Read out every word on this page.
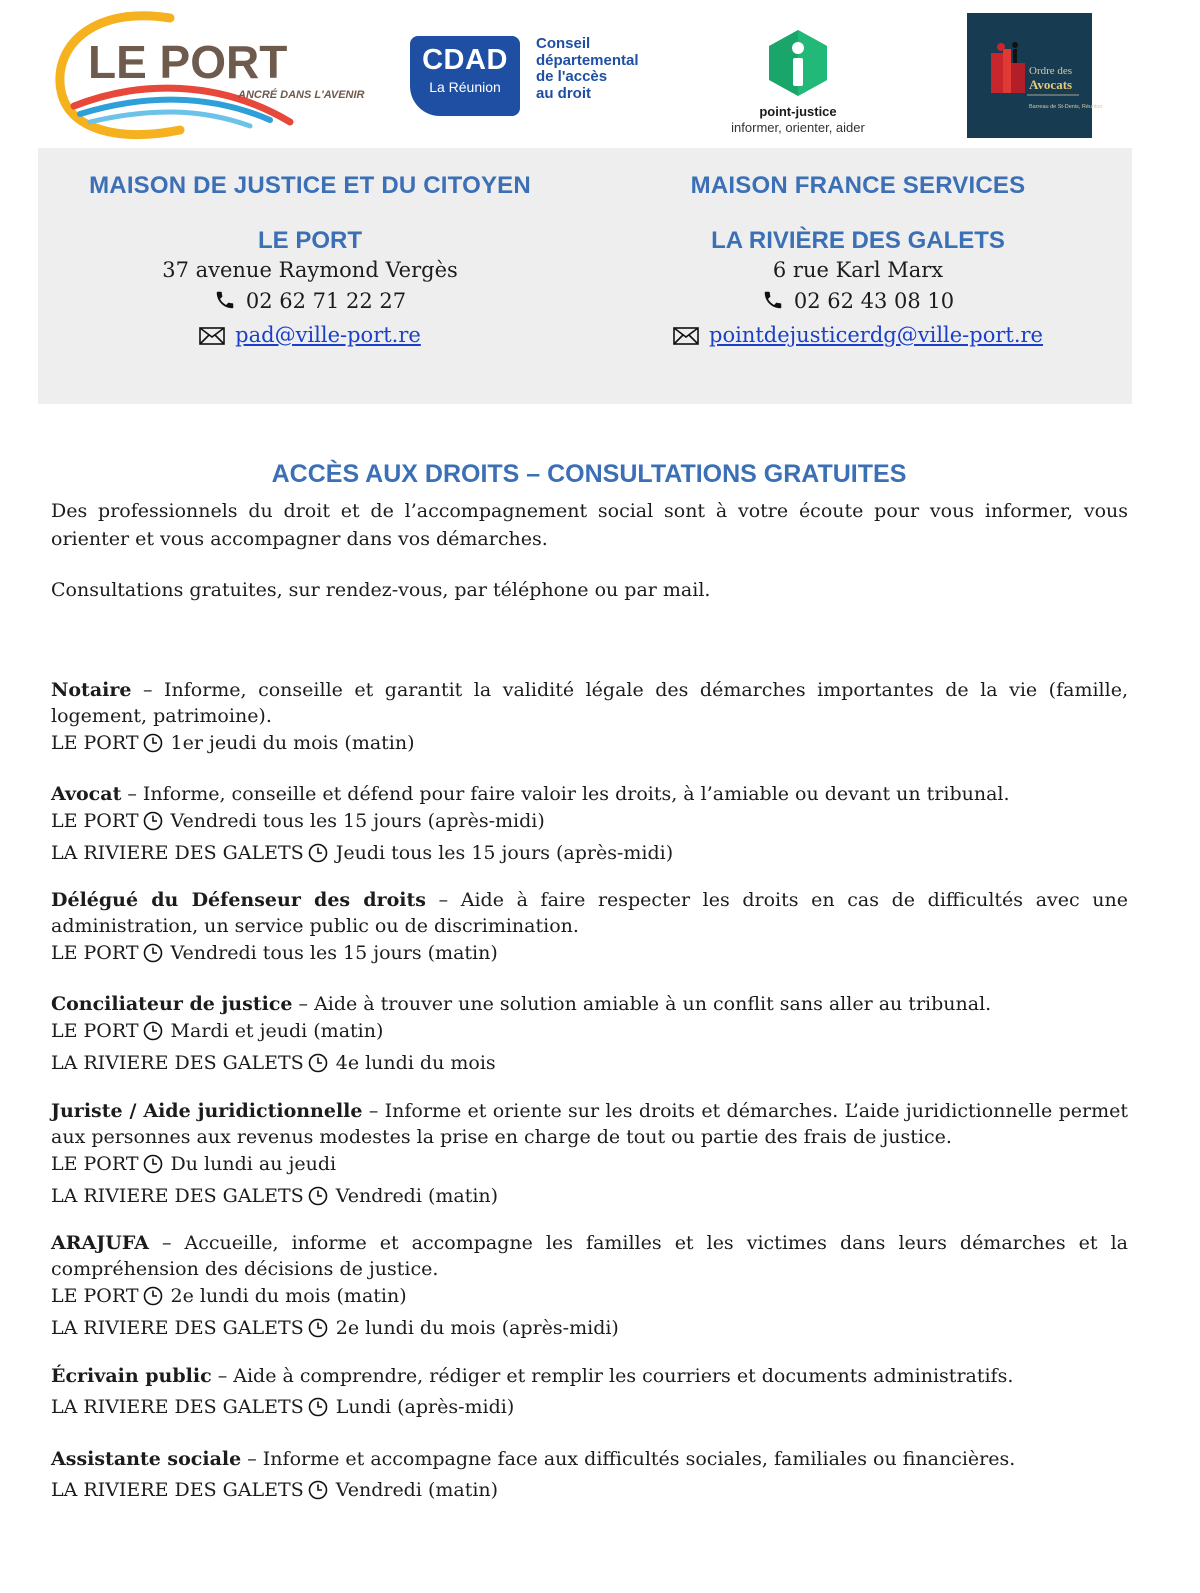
LE PORT
ANCRÉ DANS L'AVENIR
CDAD
La Réunion
Conseil
départemental
de l'accès
au droit
point-justice
informer, orienter, aider
Ordre des
Avocats
Barreau de St-Denis, Réunion
MAISON DE JUSTICE ET DU CITOYEN
LE PORT
37 avenue Raymond Vergès
02 62 71 22 27
pad@ville-port.re
MAISON FRANCE SERVICES
LA RIVIÈRE DES GALETS
6 rue Karl Marx
02 62 43 08 10
pointdejusticerdg@ville-port.re
ACCÈS AUX DROITS – CONSULTATIONS GRATUITES
Des professionnels du droit et de l’accompagnement social sont à votre écoute pour vous informer, vous orienter et vous accompagner dans vos démarches.
Consultations gratuites, sur rendez-vous, par téléphone ou par mail.
Notaire – Informe, conseille et garantit la validité légale des démarches importantes de la vie (famille, logement, patrimoine).
LE PORT 1er jeudi du mois (matin)
Avocat – Informe, conseille et défend pour faire valoir les droits, à l’amiable ou devant un tribunal.
LE PORT Vendredi tous les 15 jours (après-midi)
LA RIVIERE DES GALETS Jeudi tous les 15 jours (après-midi)
Délégué du Défenseur des droits – Aide à faire respecter les droits en cas de difficultés avec une administration, un service public ou de discrimination.
LE PORT Vendredi tous les 15 jours (matin)
Conciliateur de justice – Aide à trouver une solution amiable à un conflit sans aller au tribunal.
LE PORT Mardi et jeudi (matin)
LA RIVIERE DES GALETS 4e lundi du mois
Juriste / Aide juridictionnelle – Informe et oriente sur les droits et démarches. L’aide juridictionnelle permet aux personnes aux revenus modestes la prise en charge de tout ou partie des frais de justice.
LE PORT Du lundi au jeudi
LA RIVIERE DES GALETS Vendredi (matin)
ARAJUFA – Accueille, informe et accompagne les familles et les victimes dans leurs démarches et la compréhension des décisions de justice.
LE PORT 2e lundi du mois (matin)
LA RIVIERE DES GALETS 2e lundi du mois (après-midi)
Écrivain public – Aide à comprendre, rédiger et remplir les courriers et documents administratifs.
LA RIVIERE DES GALETS Lundi (après-midi)
Assistante sociale – Informe et accompagne face aux difficultés sociales, familiales ou financières.
LA RIVIERE DES GALETS Vendredi (matin)
